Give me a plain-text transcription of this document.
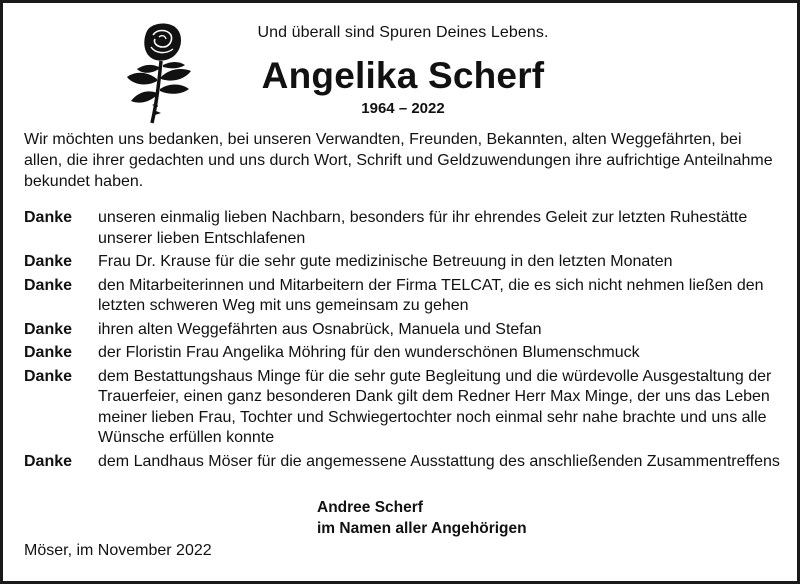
Und überall sind Spuren Deines Lebens.
Angelika Scherf
1964 – 2022
Wir möchten uns bedanken, bei unseren Verwandten, Freunden, Bekannten, alten Weggefährten, bei allen, die ihrer gedachten und uns durch Wort, Schrift und Geldzuwendungen ihre aufrichtige Anteilnahme bekundet haben.
Danke	unseren einmalig lieben Nachbarn, besonders für ihr ehrendes Geleit zur letzten Ruhestätte unserer lieben Entschlafenen
Danke	Frau Dr. Krause für die sehr gute medizinische Betreuung in den letzten Monaten
Danke	den Mitarbeiterinnen und Mitarbeitern der Firma TELCAT, die es sich nicht nehmen ließen den letzten schweren Weg mit uns gemeinsam zu gehen
Danke	ihren alten Weggefährten aus Osnabrück, Manuela und Stefan
Danke	der Floristin Frau Angelika Möhring für den wunderschönen Blumenschmuck
Danke	dem Bestattungshaus Minge für die sehr gute Begleitung und die würdevolle Ausgestaltung der Trauerfeier, einen ganz besonderen Dank gilt dem Redner Herr Max Minge, der uns das Leben meiner lieben Frau, Tochter und Schwiegertochter noch einmal sehr nahe brachte und uns alle Wünsche erfüllen konnte
Danke	dem Landhaus Möser für die angemessene Ausstattung des anschließenden Zusammentreffens
Andree Scherf
im Namen aller Angehörigen
Möser, im November 2022
